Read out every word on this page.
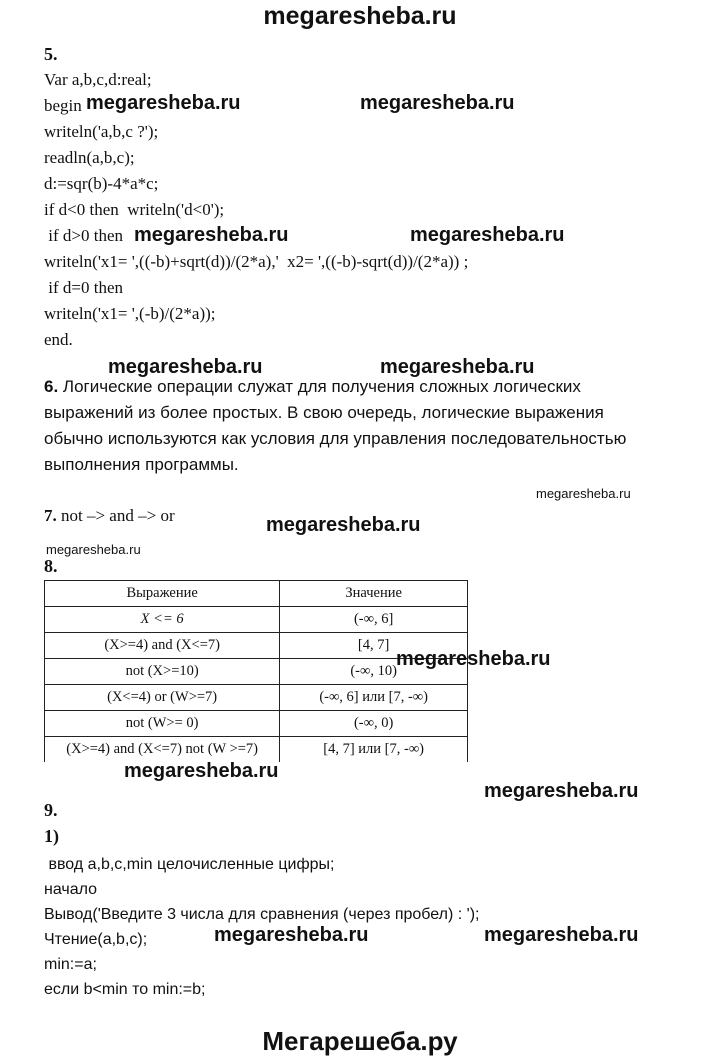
megaresheba.ru
5.
Var a,b,c,d:real;
begin
writeln('a,b,c ?');
readln(a,b,c);
d:=sqr(b)-4*a*c;
if d<0 then  writeln('d<0');
if d>0 then
writeln('x1= ',((-b)+sqrt(d))/(2*a),'  x2= ',((-b)-sqrt(d))/(2*a)) ;
if d=0 then
writeln('x1= ',(-b)/(2*a));
end.
megaresheba.ru	megaresheba.ru
megaresheba.ru	megaresheba.ru
megaresheba.ru	megaresheba.ru
6. Логические операции служат для получения сложных логических выражений из более простых. В свою очередь, логические выражения обычно используются как условия для управления последовательностью выполнения программы.
megaresheba.ru
7. not –> and –> or	megaresheba.ru
megaresheba.ru
8.
Выражение	Значение
X <= 6	(-∞, 6]
(X>=4) and (X<=7)	[4, 7]
not (X>=10)	(-∞, 10)
(X<=4) or (W>=7)	(-∞, 6] или [7, -∞)
not (W>= 0)	(-∞, 0)
(X>=4) and (X<=7) not (W >=7)	[4, 7] или [7, -∞)
megaresheba.ru
megaresheba.ru
megaresheba.ru
9.
1)
ввод a,b,c,min целочисленные цифры;
начало
Вывод('Введите 3 числа для сравнения (через пробел) : ');
Чтение(a,b,c);
min:=a;
если b<min то min:=b;
megaresheba.ru	megaresheba.ru
Мегарешеба.ру
